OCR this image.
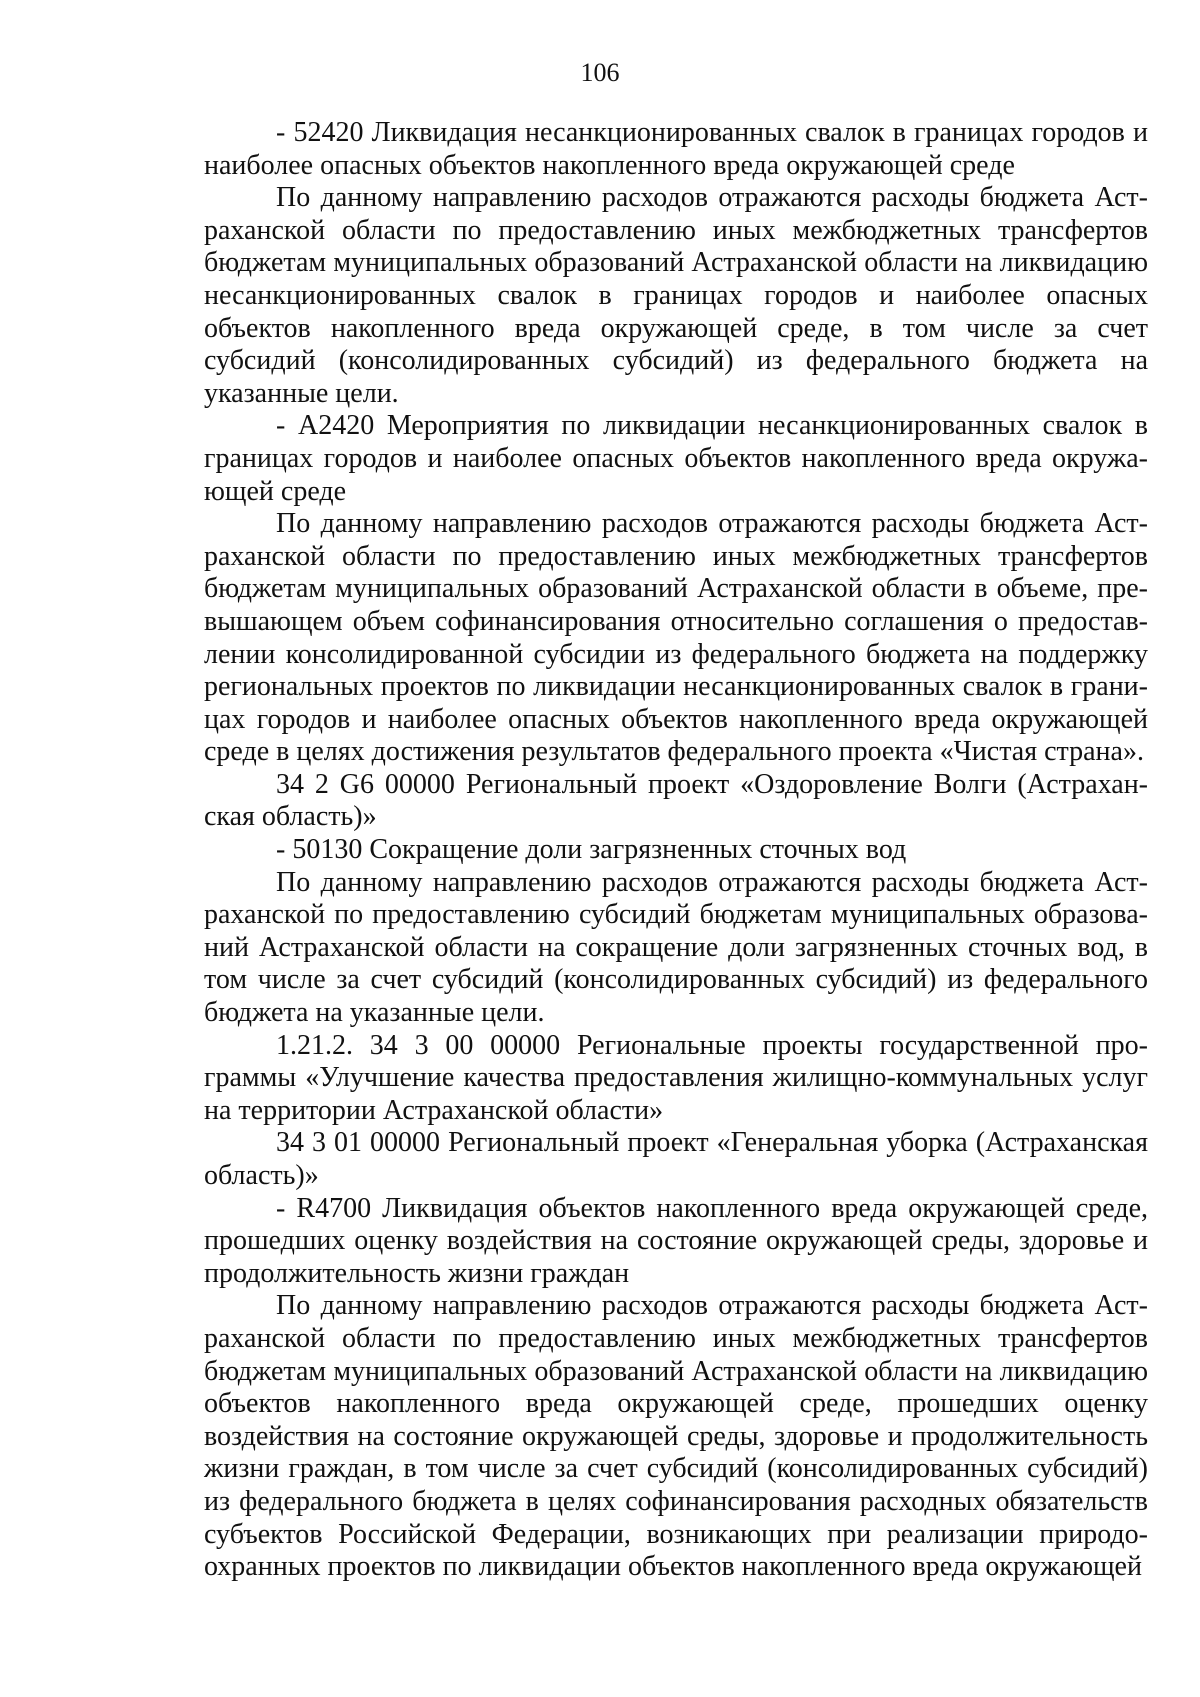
106

- 52420 Ликвидация несанкционированных свалок в границах городов и наиболее опасных объектов накопленного вреда окружающей среде

По данному направлению расходов отражаются расходы бюджета Астраханской области по предоставлению иных межбюджетных трансфертов бюджетам муниципальных образований Астраханской области на ликвидацию несанкционированных свалок в границах городов и наиболее опасных объектов накопленного вреда окружающей среде, в том числе за счет субсидий (консолидированных субсидий) из федерального бюджета на указанные цели.

- А2420 Мероприятия по ликвидации несанкционированных свалок в границах городов и наиболее опасных объектов накопленного вреда окружающей среде

По данному направлению расходов отражаются расходы бюджета Астраханской области по предоставлению иных межбюджетных трансфертов бюджетам муниципальных образований Астраханской области в объеме, превышающем объем софинансирования относительно соглашения о предоставлении консолидированной субсидии из федерального бюджета на поддержку региональных проектов по ликвидации несанкционированных свалок в границах городов и наиболее опасных объектов накопленного вреда окружающей среде в целях достижения результатов федерального проекта «Чистая страна».

34 2 G6 00000 Региональный проект «Оздоровление Волги (Астраханская область)»

- 50130 Сокращение доли загрязненных сточных вод

По данному направлению расходов отражаются расходы бюджета Астраханской по предоставлению субсидий бюджетам муниципальных образований Астраханской области на сокращение доли загрязненных сточных вод, в том числе за счет субсидий (консолидированных субсидий) из федерального бюджета на указанные цели.

1.21.2. 34 3 00 00000 Региональные проекты государственной программы «Улучшение качества предоставления жилищно-коммунальных услуг на территории Астраханской области»

34 3 01 00000 Региональный проект «Генеральная уборка (Астраханская область)»

- R4700 Ликвидация объектов накопленного вреда окружающей среде, прошедших оценку воздействия на состояние окружающей среды, здоровье и продолжительность жизни граждан

По данному направлению расходов отражаются расходы бюджета Астраханской области по предоставлению иных межбюджетных трансфертов бюджетам муниципальных образований Астраханской области на ликвидацию объектов накопленного вреда окружающей среде, прошедших оценку воздействия на состояние окружающей среды, здоровье и продолжительность жизни граждан, в том числе за счет субсидий (консолидированных субсидий) из федерального бюджета в целях софинансирования расходных обязательств субъектов Российской Федерации, возникающих при реализации природоохранных проектов по ликвидации объектов накопленного вреда окружающей
